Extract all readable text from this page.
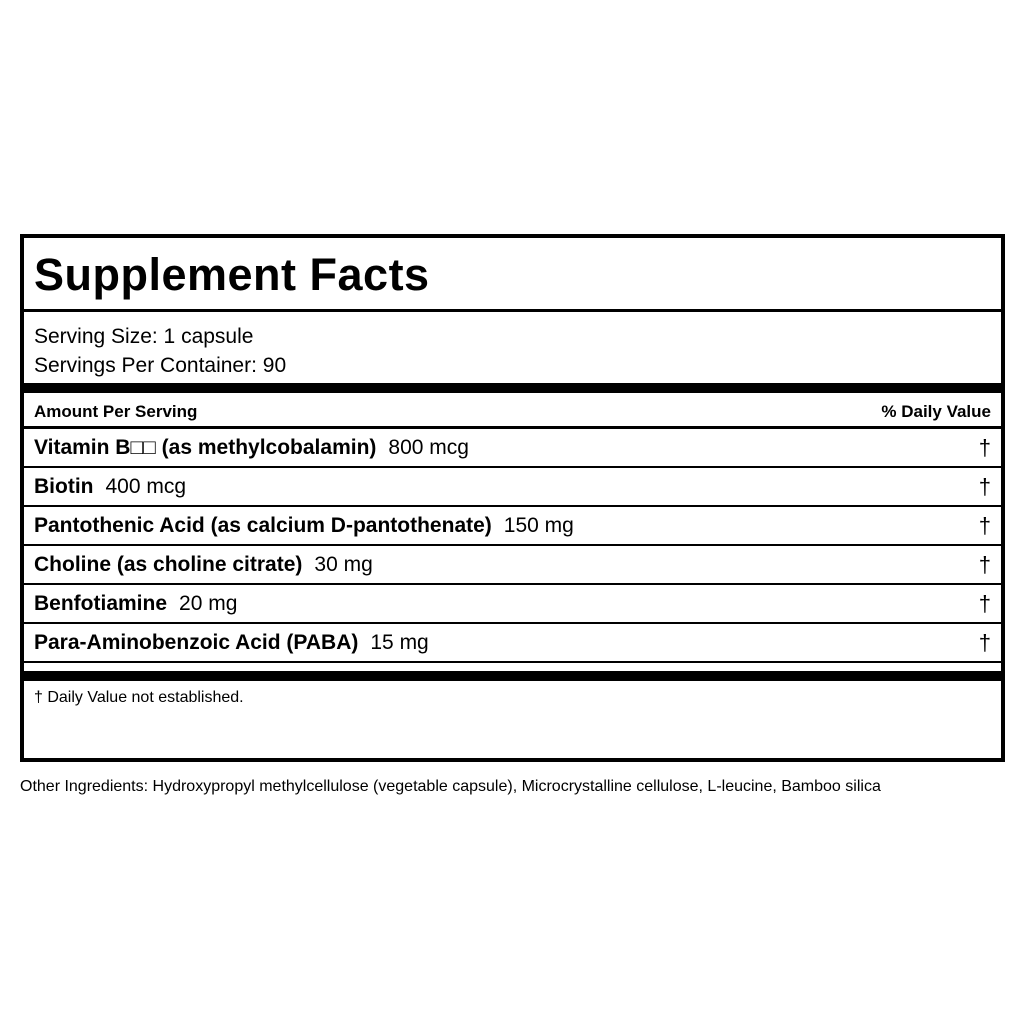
Supplement Facts
Serving Size: 1 capsule
Servings Per Container: 90
Amount Per Serving	% Daily Value
Vitamin B□□ (as methylcobalamin) 800 mcg	†
Biotin 400 mcg	†
Pantothenic Acid (as calcium D-pantothenate) 150 mg	†
Choline (as choline citrate) 30 mg	†
Benfotiamine 20 mg	†
Para-Aminobenzoic Acid (PABA) 15 mg	†
† Daily Value not established.
Other Ingredients: Hydroxypropyl methylcellulose (vegetable capsule), Microcrystalline cellulose, L-leucine, Bamboo silica
